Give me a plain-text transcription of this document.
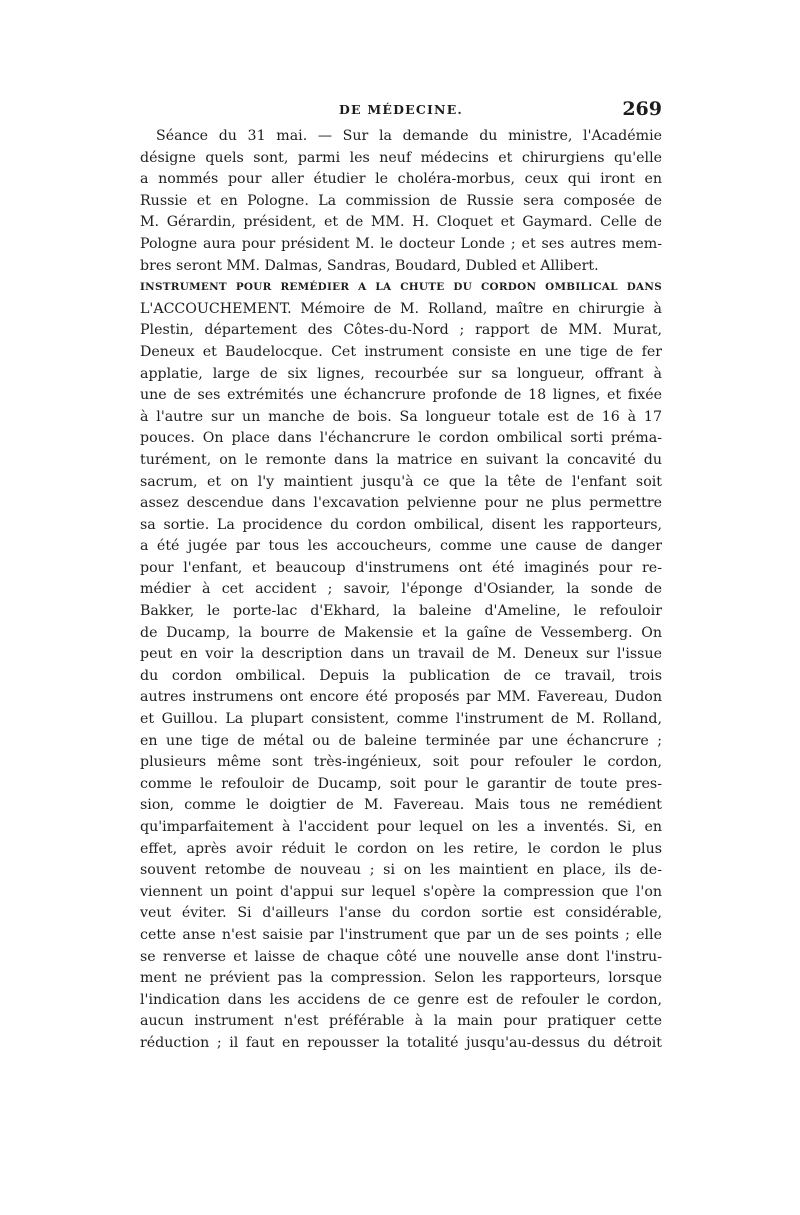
DE MÉDECINE.	269
Séance du 31 mai. — Sur la demande du ministre, l'Académie
désigne quels sont, parmi les neuf médecins et chirurgiens qu'elle
a nommés pour aller étudier le choléra-morbus, ceux qui iront en
Russie et en Pologne. La commission de Russie sera composée de
M. Gérardin, président, et de MM. H. Cloquet et Gaymard. Celle de
Pologne aura pour président M. le docteur Londe ; et ses autres mem-
bres seront MM. Dalmas, Sandras, Boudard, Dubled et Allibert.
INSTRUMENT POUR REMÉDIER A LA CHUTE DU CORDON OMBILICAL DANS
L'ACCOUCHEMENT. Mémoire de M. Rolland, maître en chirurgie à
Plestin, département des Côtes-du-Nord ; rapport de MM. Murat,
Deneux et Baudelocque. Cet instrument consiste en une tige de fer
applatie, large de six lignes, recourbée sur sa longueur, offrant à
une de ses extrémités une échancrure profonde de 18 lignes, et fixée
à l'autre sur un manche de bois. Sa longueur totale est de 16 à 17
pouces. On place dans l'échancrure le cordon ombilical sorti préma-
turément, on le remonte dans la matrice en suivant la concavité du
sacrum, et on l'y maintient jusqu'à ce que la tête de l'enfant soit
assez descendue dans l'excavation pelvienne pour ne plus permettre
sa sortie. La procidence du cordon ombilical, disent les rapporteurs,
a été jugée par tous les accoucheurs, comme une cause de danger
pour l'enfant, et beaucoup d'instrumens ont été imaginés pour re-
médier à cet accident ; savoir, l'éponge d'Osiander, la sonde de
Bakker, le porte-lac d'Ekhard, la baleine d'Ameline, le refouloir
de Ducamp, la bourre de Makensie et la gaîne de Vessemberg. On
peut en voir la description dans un travail de M. Deneux sur l'issue
du cordon ombilical. Depuis la publication de ce travail, trois
autres instrumens ont encore été proposés par MM. Favereau, Dudon
et Guillou. La plupart consistent, comme l'instrument de M. Rolland,
en une tige de métal ou de baleine terminée par une échancrure ;
plusieurs même sont très-ingénieux, soit pour refouler le cordon,
comme le refouloir de Ducamp, soit pour le garantir de toute pres-
sion, comme le doigtier de M. Favereau. Mais tous ne remédient
qu'imparfaitement à l'accident pour lequel on les a inventés. Si, en
effet, après avoir réduit le cordon on les retire, le cordon le plus
souvent retombe de nouveau ; si on les maintient en place, ils de-
viennent un point d'appui sur lequel s'opère la compression que l'on
veut éviter. Si d'ailleurs l'anse du cordon sortie est considérable,
cette anse n'est saisie par l'instrument que par un de ses points ; elle
se renverse et laisse de chaque côté une nouvelle anse dont l'instru-
ment ne prévient pas la compression. Selon les rapporteurs, lorsque
l'indication dans les accidens de ce genre est de refouler le cordon,
aucun instrument n'est préférable à la main pour pratiquer cette
réduction ; il faut en repousser la totalité jusqu'au-dessus du détroit
